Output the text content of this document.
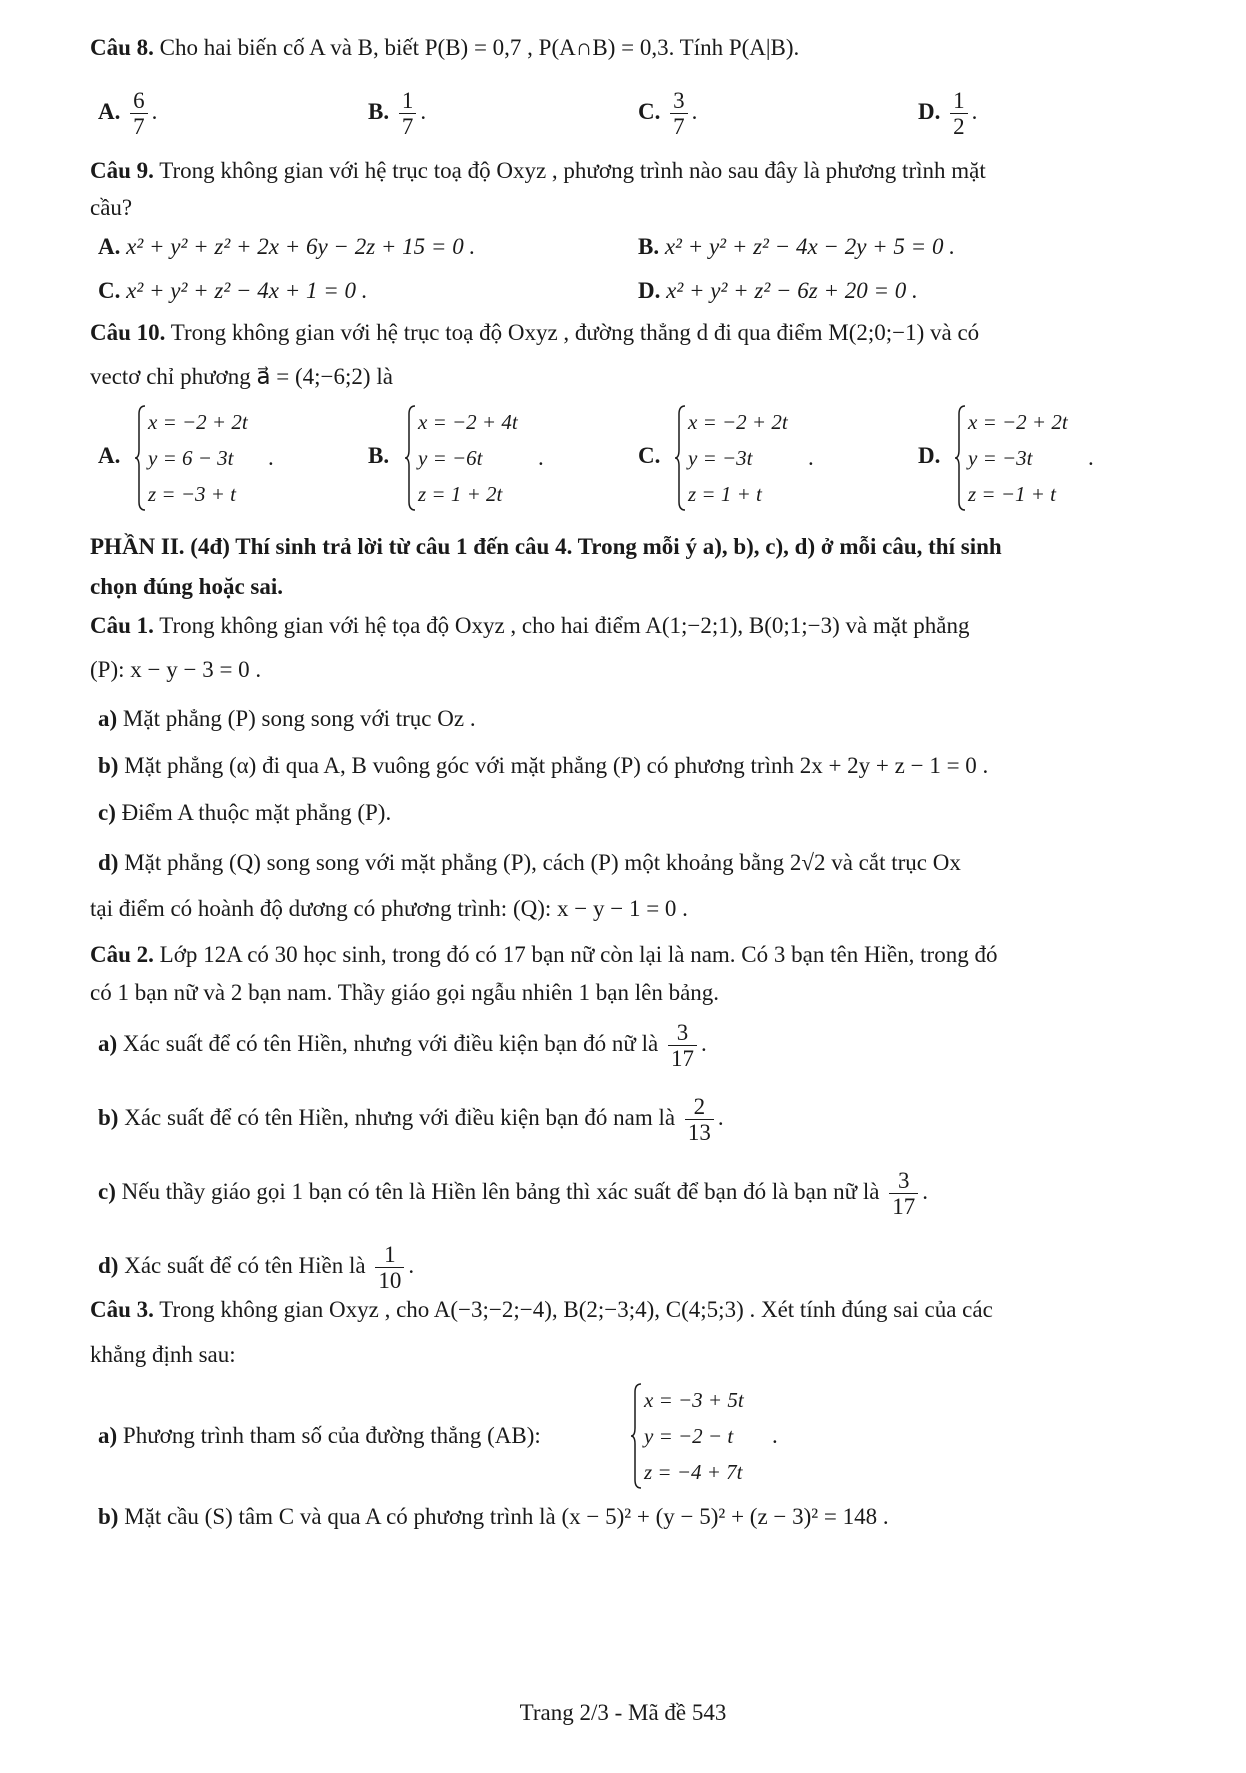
Câu 8. Cho hai biến cố A và B, biết P(B) = 0,7 , P(A∩B) = 0,3. Tính P(A|B).
A. $\frac{6}{7}$ .	B. $\frac{1}{7}$ .	C. $\frac{3}{7}$ .	D. $\frac{1}{2}$ .
Câu 9. Trong không gian với hệ trục toạ độ Oxyz , phương trình nào sau đây là phương trình mặt
cầu?
A. x² + y² + z² + 2x + 6y − 2z + 15 = 0 .	B. x² + y² + z² − 4x − 2y + 5 = 0 .
C. x² + y² + z² − 4x + 1 = 0 .	D. x² + y² + z² − 6z + 20 = 0 .
Câu 10. Trong không gian với hệ trục toạ độ Oxyz , đường thẳng d đi qua điểm M(2;0;−1) và có
vectơ chỉ phương a⃗ = (4;−6;2) là
A.
x = −2 + 2t
y = 6 − 3t
z = −3 + t
.	B.
x = −2 + 4t
y = −6t
z = 1 + 2t
.	C.
x = −2 + 2t
y = −3t
z = 1 + t
.	D.
x = −2 + 2t
y = −3t
z = −1 + t
.
PHẦN II. (4đ) Thí sinh trả lời từ câu 1 đến câu 4. Trong mỗi ý a), b), c), d) ở mỗi câu, thí sinh
chọn đúng hoặc sai.
Câu 1. Trong không gian với hệ tọa độ Oxyz , cho hai điểm A(1;−2;1), B(0;1;−3) và mặt phẳng
(P): x − y − 3 = 0 .
a) Mặt phẳng (P) song song với trục Oz .
b) Mặt phẳng (α) đi qua A, B vuông góc với mặt phẳng (P) có phương trình 2x + 2y + z − 1 = 0 .
c) Điểm A thuộc mặt phẳng (P).
d) Mặt phẳng (Q) song song với mặt phẳng (P), cách (P) một khoảng bằng 2√2 và cắt trục Ox
tại điểm có hoành độ dương có phương trình: (Q): x − y − 1 = 0 .
Câu 2. Lớp 12A có 30 học sinh, trong đó có 17 bạn nữ còn lại là nam. Có 3 bạn tên Hiền, trong đó
có 1 bạn nữ và 2 bạn nam. Thầy giáo gọi ngẫu nhiên 1 bạn lên bảng.
a) Xác suất để có tên Hiền, nhưng với điều kiện bạn đó nữ là $\frac{3}{17}$ .
b) Xác suất để có tên Hiền, nhưng với điều kiện bạn đó nam là $\frac{2}{13}$ .
c) Nếu thầy giáo gọi 1 bạn có tên là Hiền lên bảng thì xác suất để bạn đó là bạn nữ là $\frac{3}{17}$ .
d) Xác suất để có tên Hiền là $\frac{1}{10}$ .
Câu 3. Trong không gian Oxyz , cho A(−3;−2;−4), B(2;−3;4), C(4;5;3) . Xét tính đúng sai của các
khẳng định sau:
a) Phương trình tham số của đường thẳng (AB):
x = −3 + 5t
y = −2 − t
z = −4 + 7t
.
b) Mặt cầu (S) tâm C và qua A có phương trình là (x − 5)² + (y − 5)² + (z − 3)² = 148 .
Trang 2/3 - Mã đề 543
